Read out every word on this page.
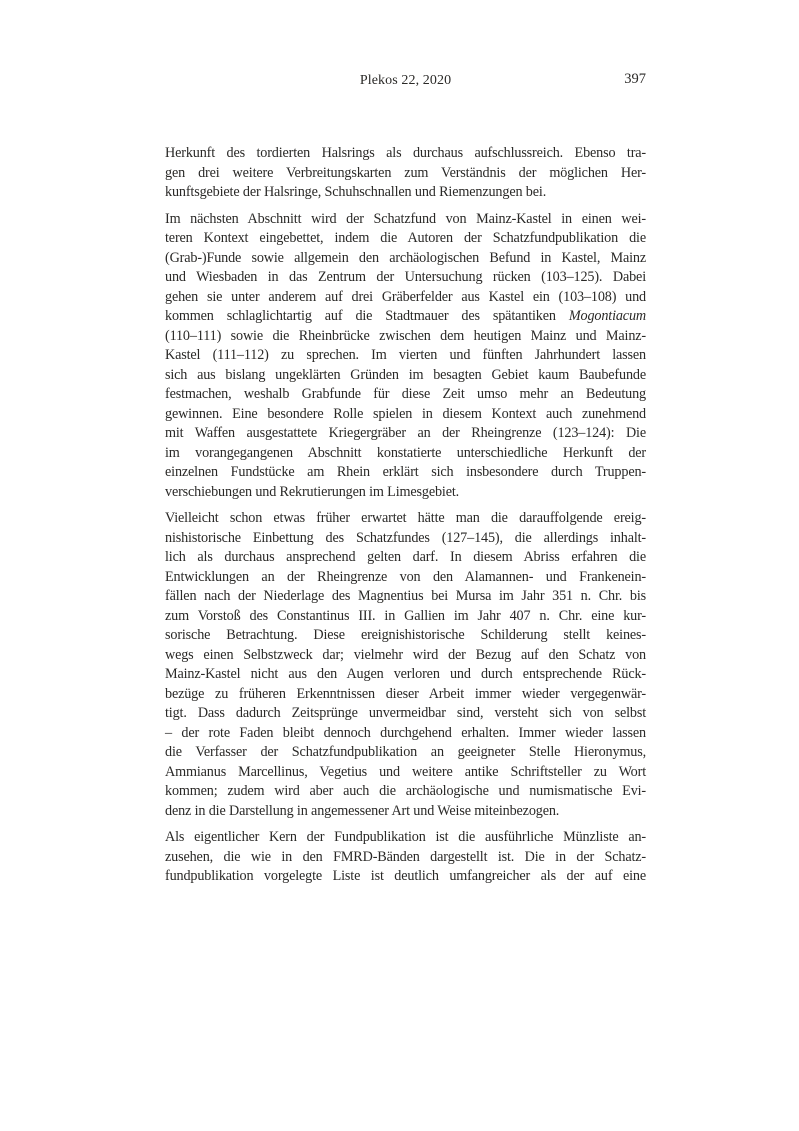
Plekos 22, 2020	397
Herkunft des tordierten Halsrings als durchaus aufschlussreich. Ebenso tra-
gen drei weitere Verbreitungskarten zum Verständnis der möglichen Her-
kunftsgebiete der Halsringe, Schuhschnallen und Riemenzungen bei.
Im nächsten Abschnitt wird der Schatzfund von Mainz-Kastel in einen wei-
teren Kontext eingebettet, indem die Autoren der Schatzfundpublikation die
(Grab-)Funde sowie allgemein den archäologischen Befund in Kastel, Mainz
und Wiesbaden in das Zentrum der Untersuchung rücken (103–125). Dabei
gehen sie unter anderem auf drei Gräberfelder aus Kastel ein (103–108) und
kommen schlaglichtartig auf die Stadtmauer des spätantiken Mogontiacum
(110–111) sowie die Rheinbrücke zwischen dem heutigen Mainz und Mainz-
Kastel (111–112) zu sprechen. Im vierten und fünften Jahrhundert lassen
sich aus bislang ungeklärten Gründen im besagten Gebiet kaum Baubefunde
festmachen, weshalb Grabfunde für diese Zeit umso mehr an Bedeutung
gewinnen. Eine besondere Rolle spielen in diesem Kontext auch zunehmend
mit Waffen ausgestattete Kriegergräber an der Rheingrenze (123–124): Die
im vorangegangenen Abschnitt konstatierte unterschiedliche Herkunft der
einzelnen Fundstücke am Rhein erklärt sich insbesondere durch Truppen-
verschiebungen und Rekrutierungen im Limesgebiet.
Vielleicht schon etwas früher erwartet hätte man die darauffolgende ereig-
nishistorische Einbettung des Schatzfundes (127–145), die allerdings inhalt-
lich als durchaus ansprechend gelten darf. In diesem Abriss erfahren die
Entwicklungen an der Rheingrenze von den Alamannen- und Frankenein-
fällen nach der Niederlage des Magnentius bei Mursa im Jahr 351 n. Chr. bis
zum Vorstoß des Constantinus III. in Gallien im Jahr 407 n. Chr. eine kur-
sorische Betrachtung. Diese ereignishistorische Schilderung stellt keines-
wegs einen Selbstzweck dar; vielmehr wird der Bezug auf den Schatz von
Mainz-Kastel nicht aus den Augen verloren und durch entsprechende Rück-
bezüge zu früheren Erkenntnissen dieser Arbeit immer wieder vergegenwär-
tigt. Dass dadurch Zeitsprünge unvermeidbar sind, versteht sich von selbst
– der rote Faden bleibt dennoch durchgehend erhalten. Immer wieder lassen
die Verfasser der Schatzfundpublikation an geeigneter Stelle Hieronymus,
Ammianus Marcellinus, Vegetius und weitere antike Schriftsteller zu Wort
kommen; zudem wird aber auch die archäologische und numismatische Evi-
denz in die Darstellung in angemessener Art und Weise miteinbezogen.
Als eigentlicher Kern der Fundpublikation ist die ausführliche Münzliste an-
zusehen, die wie in den FMRD-Bänden dargestellt ist. Die in der Schatz-
fundpublikation vorgelegte Liste ist deutlich umfangreicher als der auf eine
